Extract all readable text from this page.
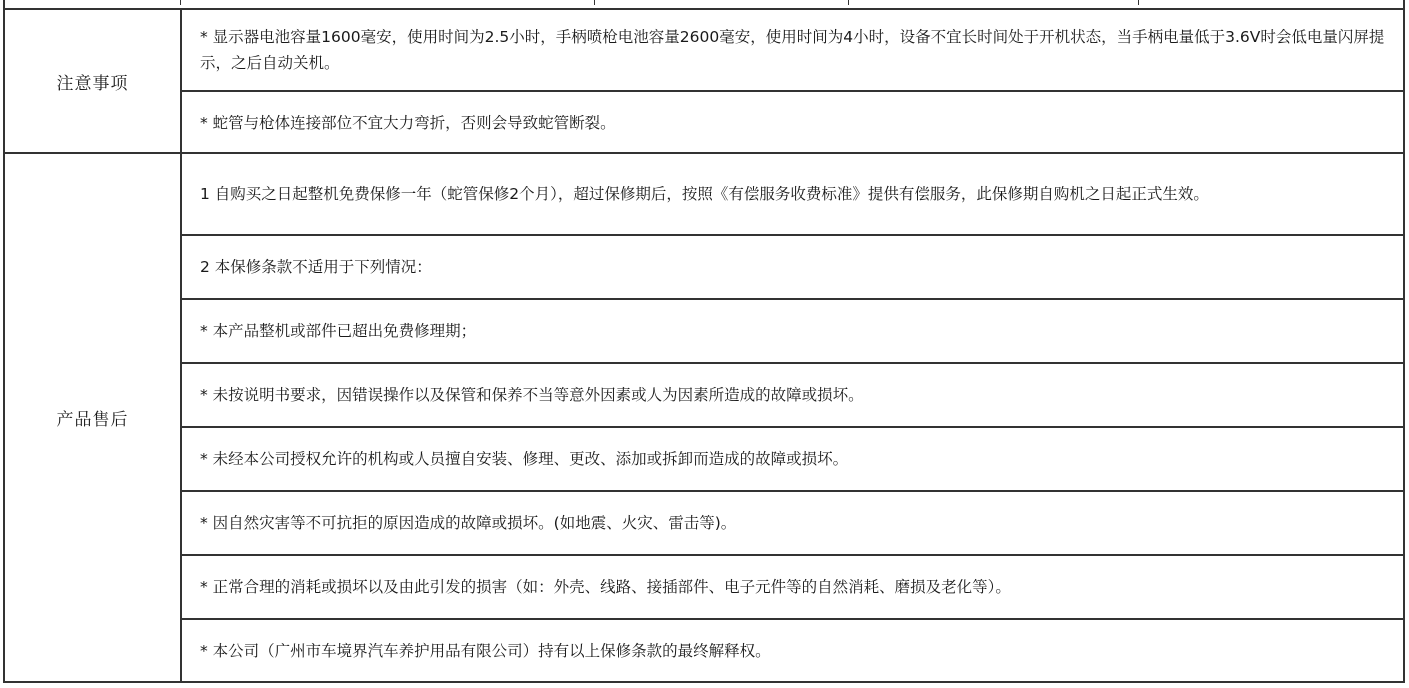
注意事项
* 显示器电池容量1600毫安，使用时间为2.5小时，手柄喷枪电池容量2600毫安，使用时间为4小时，设备不宜长时间处于开机状态，当手柄电量低于3.6V时会低电量闪屏提示，之后自动关机。
* 蛇管与枪体连接部位不宜大力弯折，否则会导致蛇管断裂。
产品售后
1 自购买之日起整机免费保修一年（蛇管保修2个月），超过保修期后，按照《有偿服务收费标准》提供有偿服务，此保修期自购机之日起正式生效。
2 本保修条款不适用于下列情况：
* 本产品整机或部件已超出免费修理期；
* 未按说明书要求，因错误操作以及保管和保养不当等意外因素或人为因素所造成的故障或损坏。
* 未经本公司授权允许的机构或人员擅自安装、修理、更改、添加或拆卸而造成的故障或损坏。
* 因自然灾害等不可抗拒的原因造成的故障或损坏。(如地震、火灾、雷击等)。
* 正常合理的消耗或损坏以及由此引发的损害（如：外壳、线路、接插部件、电子元件等的自然消耗、磨损及老化等）。
* 本公司（广州市车境界汽车养护用品有限公司）持有以上保修条款的最终解释权。
